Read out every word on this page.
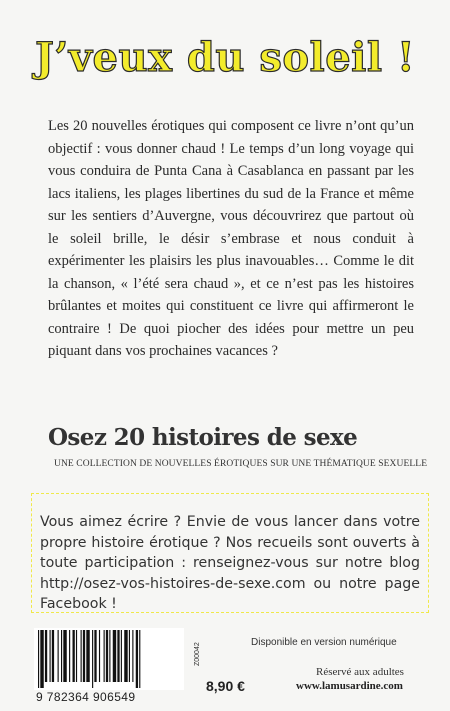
J’veux du soleil !
Les 20 nouvelles érotiques qui composent ce livre n’ont qu’un objectif : vous donner chaud ! Le temps d’un long voyage qui vous conduira de Punta Cana à Casablanca en passant par les lacs italiens, les plages libertines du sud de la France et même sur les sentiers d’Auvergne, vous découvrirez que partout où le soleil brille, le désir s’embrase et nous conduit à expérimenter les plaisirs les plus inavouables… Comme le dit la chanson, « l’été sera chaud », et ce n’est pas les histoires brûlantes et moites qui constituent ce livre qui affirmeront le contraire ! De quoi piocher des idées pour mettre un peu piquant dans vos prochaines vacances ?
Osez 20 histoires de sexe
UNE COLLECTION DE NOUVELLES ÉROTIQUES SUR UNE THÉMATIQUE SEXUELLE
Vous aimez écrire ? Envie de vous lancer dans votre propre histoire érotique ? Nos recueils sont ouverts à toute participation : renseignez-vous sur notre blog http://osez-vos-histoires-de-sexe.com ou notre page Facebook !
Z00042
9 782364 906549
8,90 €
Disponible en version numérique
Réservé aux adultes
www.lamusardine.com
